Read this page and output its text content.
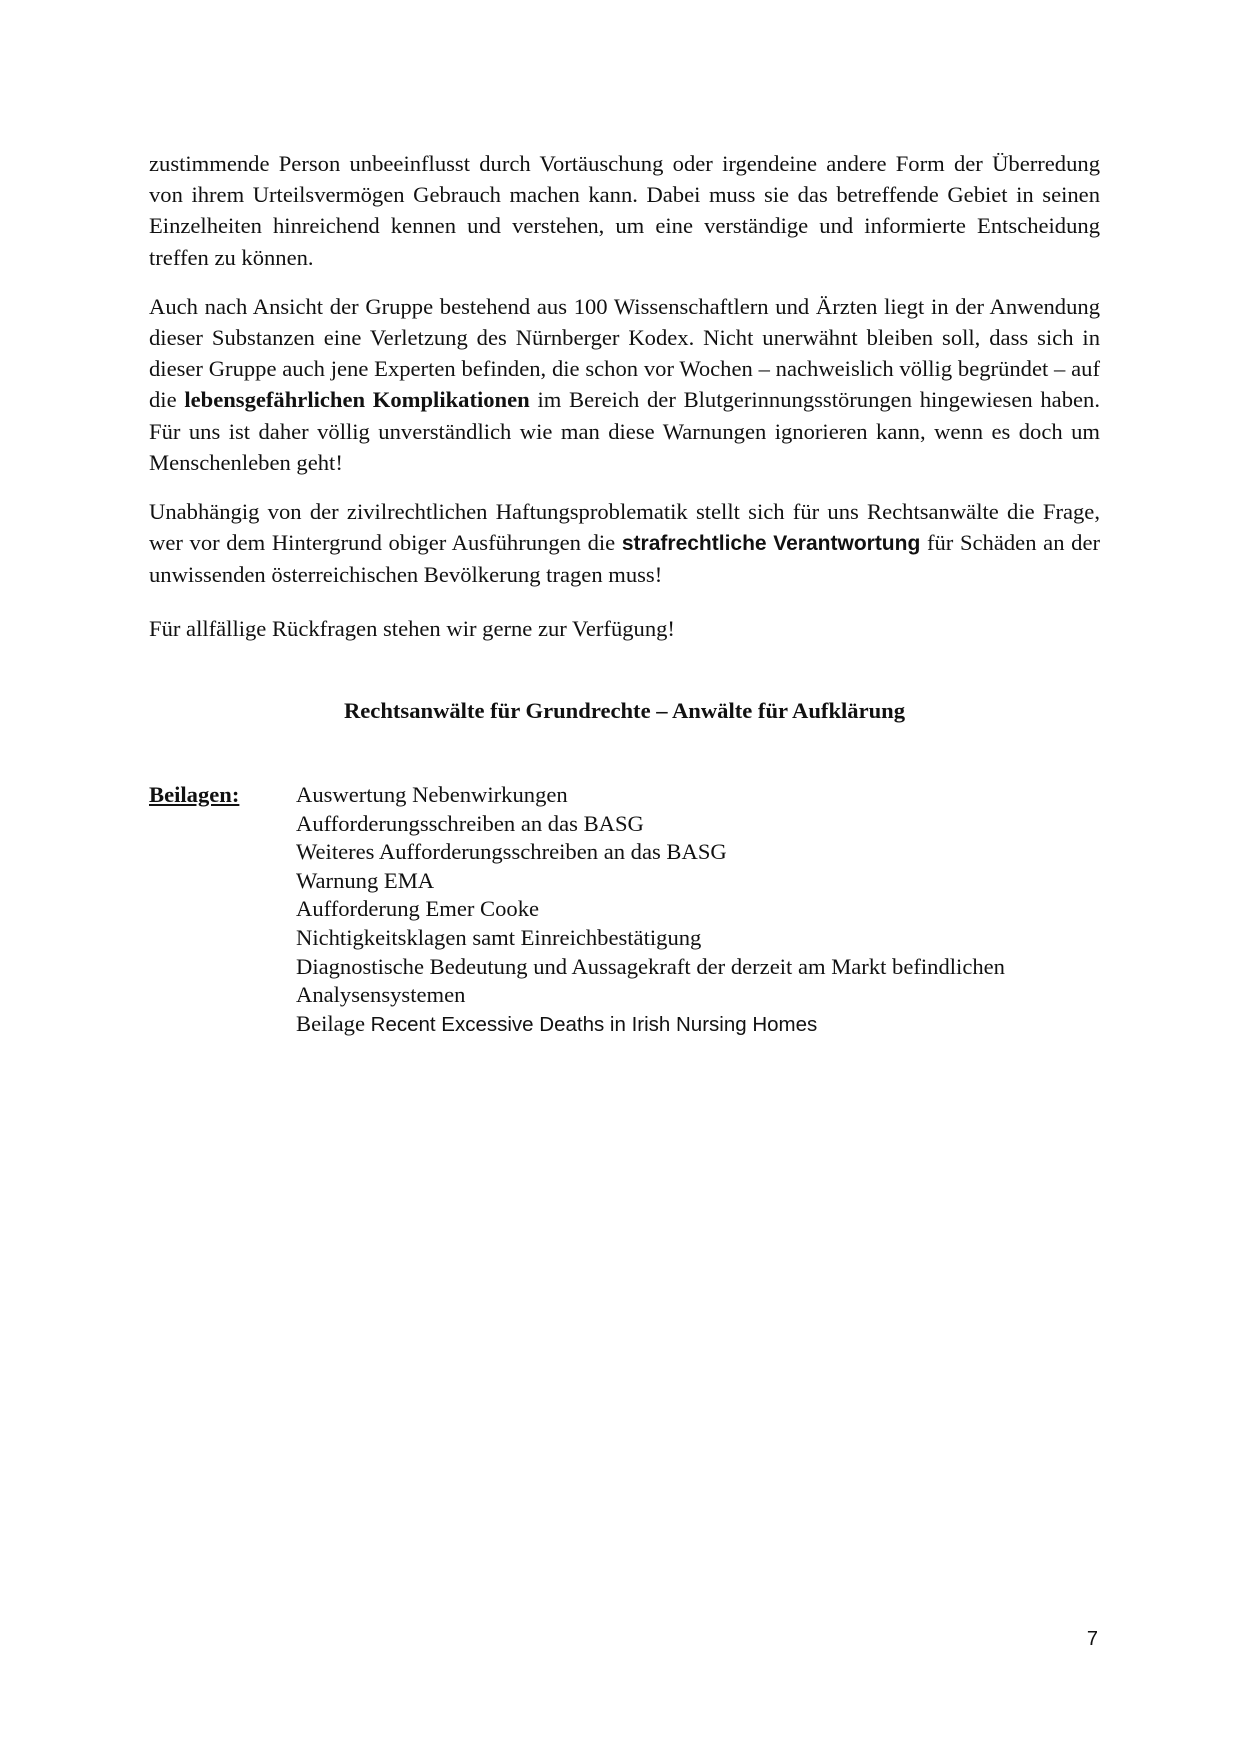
zustimmende Person unbeeinflusst durch Vortäuschung oder irgendeine andere Form der Überredung von ihrem Urteilsvermögen Gebrauch machen kann. Dabei muss sie das betreffende Gebiet in seinen Einzelheiten hinreichend kennen und verstehen, um eine verständige und informierte Entscheidung treffen zu können.

Auch nach Ansicht der Gruppe bestehend aus 100 Wissenschaftlern und Ärzten liegt in der Anwendung dieser Substanzen eine Verletzung des Nürnberger Kodex. Nicht unerwähnt bleiben soll, dass sich in dieser Gruppe auch jene Experten befinden, die schon vor Wochen – nachweislich völlig begründet – auf die lebensgefährlichen Komplikationen im Bereich der Blutgerinnungsstörungen hingewiesen haben. Für uns ist daher völlig unverständlich wie man diese Warnungen ignorieren kann, wenn es doch um Menschenleben geht!

Unabhängig von der zivilrechtlichen Haftungsproblematik stellt sich für uns Rechtsanwälte die Frage, wer vor dem Hintergrund obiger Ausführungen die strafrechtliche Verantwortung für Schäden an der unwissenden österreichischen Bevölkerung tragen muss!

Für allfällige Rückfragen stehen wir gerne zur Verfügung!

Rechtsanwälte für Grundrechte – Anwälte für Aufklärung
Beilagen:	Auswertung Nebenwirkungen
Aufforderungsschreiben an das BASG
Weiteres Aufforderungsschreiben an das BASG
Warnung EMA
Aufforderung Emer Cooke
Nichtigkeitsklagen samt Einreichbestätigung
Diagnostische Bedeutung und Aussagekraft der derzeit am Markt befindlichen Analysensystemen
Beilage Recent Excessive Deaths in Irish Nursing Homes
7
